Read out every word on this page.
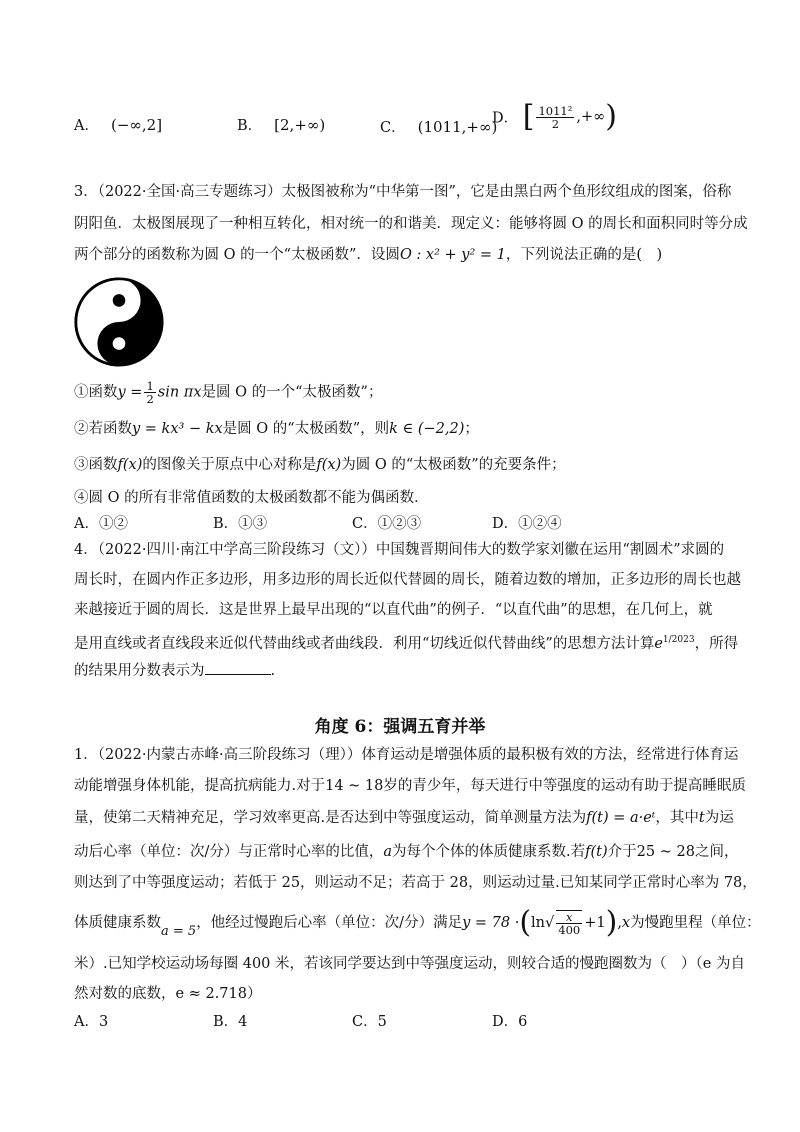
A． (−∞,2]	B． [2,+∞)	C． (1011,+∞)
D． [ $\frac{\text{1011²}}{2}$ ,+∞)
3．（2022·全国·高三专题练习）太极图被称为“中华第一图”，它是由黑白两个鱼形纹组成的图案，俗称
阴阳鱼．太极图展现了一种相互转化，相对统一的和谐美．现定义：能够将圆 O 的周长和面积同时等分成
两个部分的函数称为圆 O 的一个“太极函数”．设圆O : x² + y² = 1，下列说法正确的是(　)
①函数$y = \frac{1}{2}$ sin πx是圆 O 的一个“太极函数”；
②若函数y = kx³ − kx是圆 O 的“太极函数”，则k ∈ (−2,2)；
③函数f(x)的图像关于原点中心对称是f(x)为圆 O 的“太极函数”的充要条件；
④圆 O 的所有非常值函数的太极函数都不能为偶函数．
A．①②	B．①③	C．①②③	D．①②④
4．（2022·四川·南江中学高三阶段练习（文））中国魏晋期间伟大的数学家刘徽在运用“割圆术”求圆的
周长时，在圆内作正多边形，用多边形的周长近似代替圆的周长，随着边数的增加，正多边形的周长也越
来越接近于圆的周长．这是世界上最早出现的“以直代曲”的例子．“以直代曲”的思想，在几何上，就
是用直线或者直线段来近似代替曲线或者曲线段．利用“切线近似代替曲线”的思想方法计算$e^{1/2023}$，所得
的结果用分数表示为	.
角度 6：强调五育并举
1．（2022·内蒙古赤峰·高三阶段练习（理））体育运动是增强体质的最积极有效的方法，经常进行体育运
动能增强身体机能，提高抗病能力.对于14 ~ 18岁的青少年，每天进行中等强度的运动有助于提高睡眠质
量，使第二天精神充足，学习效率更高.是否达到中等强度运动，简单测量方法为f(t) = a·eᵗ，其中t为运
动后心率（单位：次/分）与正常时心率的比值，a为每个个体的体质健康系数.若f(t)介于25 ~ 28之间，
则达到了中等强度运动；若低于 25，则运动不足；若高于 28，则运动过量.已知某同学正常时心率为 78，
体质健康系数a = 5，他经过慢跑后心率（单位：次/分）满足$y = 78 \cdot(\ln√ \frac{x}{400} +1),x$为慢跑里程（单位：
米）.已知学校运动场每圈 400 米，若该同学要达到中等强度运动，则较合适的慢跑圈数为（　）（e 为自
然对数的底数，e ≈ 2.718）
A．3	B．4	C．5	D．6
